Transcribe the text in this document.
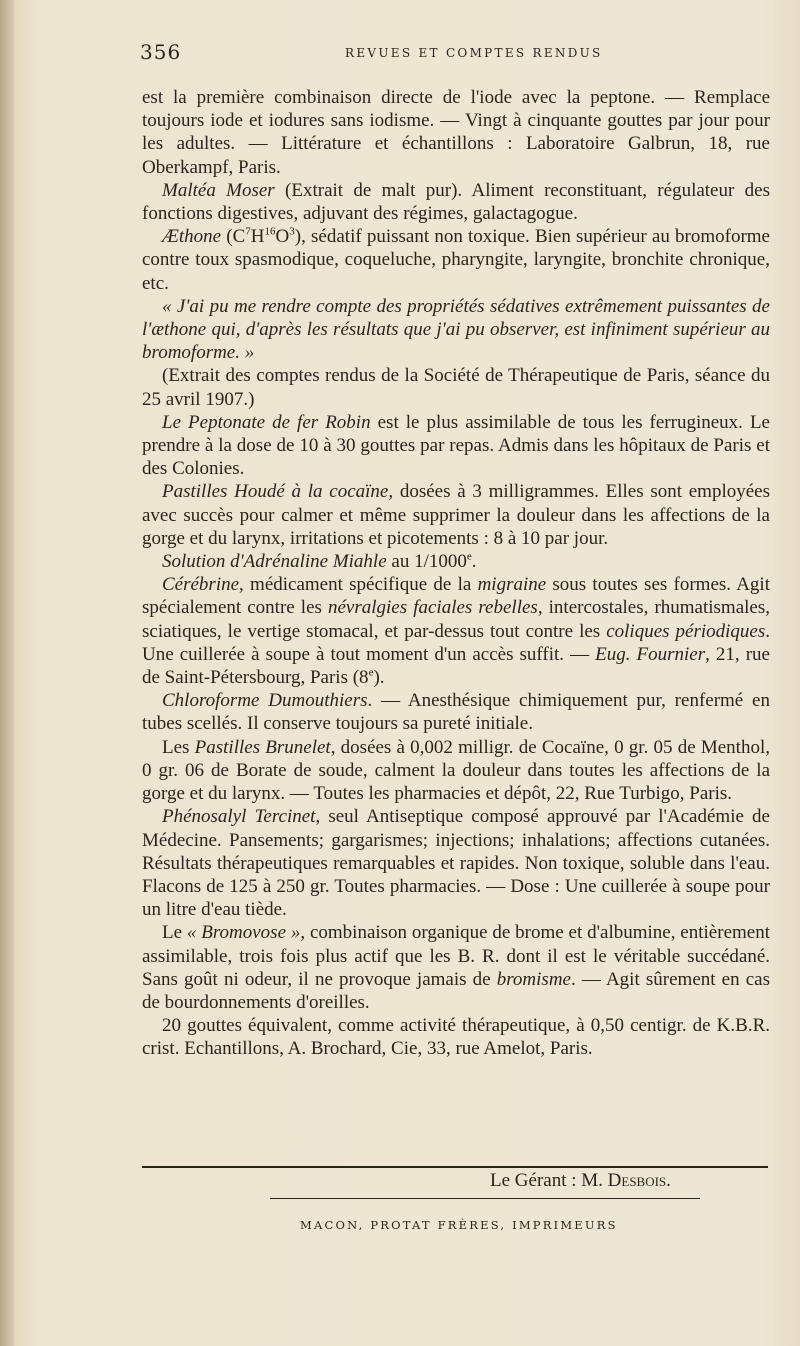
356	REVUES ET COMPTES RENDUS

est la première combinaison directe de l'iode avec la peptone. — Remplace toujours iode et iodures sans iodisme. — Vingt à cinquante gouttes par jour pour les adultes. — Littérature et échantillons : Laboratoire Galbrun, 18, rue Oberkampf, Paris.

Maltéa Moser (Extrait de malt pur). Aliment reconstituant, régulateur des fonctions digestives, adjuvant des régimes, galactagogue.

Æthone $(C^7H^{16}O^3)$, sédatif puissant non toxique. Bien supérieur au bromoforme contre toux spasmodique, coqueluche, pharyngite, laryngite, bronchite chronique, etc.

« J'ai pu me rendre compte des propriétés sédatives extrêmement puissantes de l'æthone qui, d'après les résultats que j'ai pu observer, est infiniment supérieur au bromoforme. »

(Extrait des comptes rendus de la Société de Thérapeutique de Paris, séance du 25 avril 1907.)

Le Peptonate de fer Robin est le plus assimilable de tous les ferrugineux. Le prendre à la dose de 10 à 30 gouttes par repas. Admis dans les hôpitaux de Paris et des Colonies.

Pastilles Houdé à la cocaïne, dosées à 3 milligrammes. Elles sont employées avec succès pour calmer et même supprimer la douleur dans les affections de la gorge et du larynx, irritations et picotements : 8 à 10 par jour.

Solution d'Adrénaline Miahle au 1/1000e.

Cérébrine, médicament spécifique de la migraine sous toutes ses formes. Agit spécialement contre les névralgies faciales rebelles, intercostales, rhumatismales, sciatiques, le vertige stomacal, et par-dessus tout contre les coliques périodiques. Une cuillerée à soupe à tout moment d'un accès suffit. — Eug. Fournier, 21, rue de Saint-Pétersbourg, Paris (8e).

Chloroforme Dumouthiers. — Anesthésique chimiquement pur, renfermé en tubes scellés. Il conserve toujours sa pureté initiale.

Les Pastilles Brunelet, dosées à 0,002 milligr. de Cocaïne, 0 gr. 05 de Menthol, 0 gr. 06 de Borate de soude, calment la douleur dans toutes les affections de la gorge et du larynx. — Toutes les pharmacies et dépôt, 22, Rue Turbigo, Paris.

Phénosalyl Tercinet, seul Antiseptique composé approuvé par l'Académie de Médecine. Pansements; gargarismes; injections; inhalations; affections cutanées. Résultats thérapeutiques remarquables et rapides. Non toxique, soluble dans l'eau. Flacons de 125 à 250 gr. Toutes pharmacies. — Dose : Une cuillerée à soupe pour un litre d'eau tiède.

Le « Bromovose », combinaison organique de brome et d'albumine, entièrement assimilable, trois fois plus actif que les B. R. dont il est le véritable succédané. Sans goût ni odeur, il ne provoque jamais de bromisme. — Agit sûrement en cas de bourdonnements d'oreilles.

20 gouttes équivalent, comme activité thérapeutique, à 0,50 centigr. de K.B.R. crist. Echantillons, A. Brochard, Cie, 33, rue Amelot, Paris.

Le Gérant : M. Desbois.
MACON, PROTAT FRÈRES, IMPRIMEURS
